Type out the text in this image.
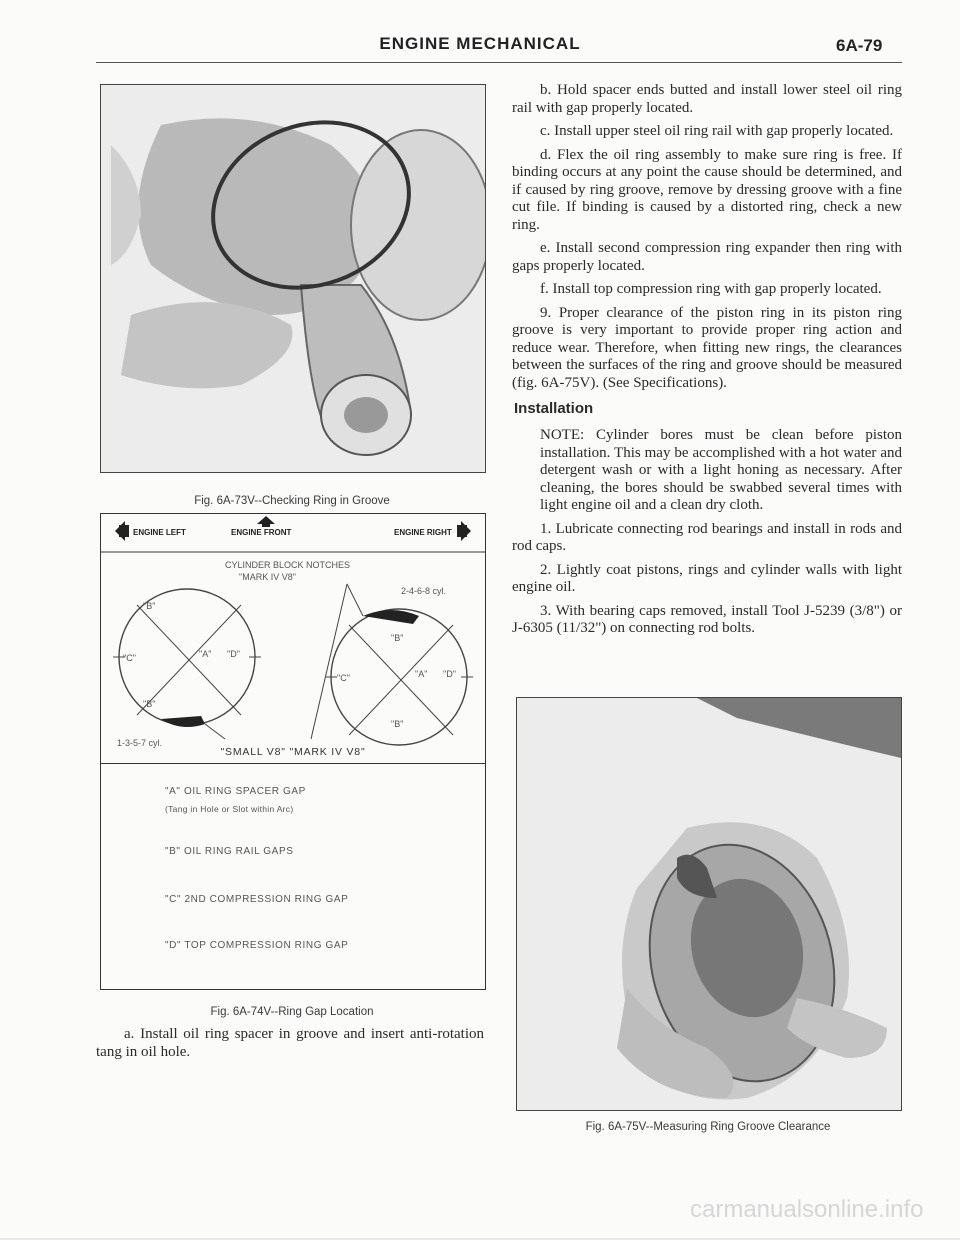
ENGINE MECHANICAL	6A-79
Fig. 6A-73V--Checking Ring in Groove
ENGINE LEFT	ENGINE FRONT	ENGINE RIGHT
CYLINDER BLOCK NOTCHES
"MARK IV V8"
2-4-6-8 cyl.
"B"
"C"	"A" "D"
"B"
1-3-5-7 cyl.
"B"
"C"	"A" "D"
"B"
"SMALL V8" "MARK IV V8"
"A" OIL RING SPACER GAP
(Tang in Hole or Slot within Arc)
"B" OIL RING RAIL GAPS
"C" 2ND COMPRESSION RING GAP
"D" TOP COMPRESSION RING GAP
Fig. 6A-74V--Ring Gap Location

a. Install oil ring spacer in groove and insert anti-rotation tang in oil hole.

b. Hold spacer ends butted and install lower steel oil ring rail with gap properly located.

c. Install upper steel oil ring rail with gap properly located.

d. Flex the oil ring assembly to make sure ring is free. If binding occurs at any point the cause should be determined, and if caused by ring groove, remove by dressing groove with a fine cut file. If binding is caused by a distorted ring, check a new ring.

e. Install second compression ring expander then ring with gaps properly located.

f. Install top compression ring with gap properly located.

9. Proper clearance of the piston ring in its piston ring groove is very important to provide proper ring action and reduce wear. Therefore, when fitting new rings, the clearances between the surfaces of the ring and groove should be measured (fig. 6A-75V). (See Specifications).

Installation

NOTE: Cylinder bores must be clean before piston installation. This may be accomplished with a hot water and detergent wash or with a light honing as necessary. After cleaning, the bores should be swabbed several times with light engine oil and a clean dry cloth.

1. Lubricate connecting rod bearings and install in rods and rod caps.

2. Lightly coat pistons, rings and cylinder walls with light engine oil.

3. With bearing caps removed, install Tool J-5239 (3/8") or J-6305 (11/32") on connecting rod bolts.

Fig. 6A-75V--Measuring Ring Groove Clearance
carmanualsonline.info
